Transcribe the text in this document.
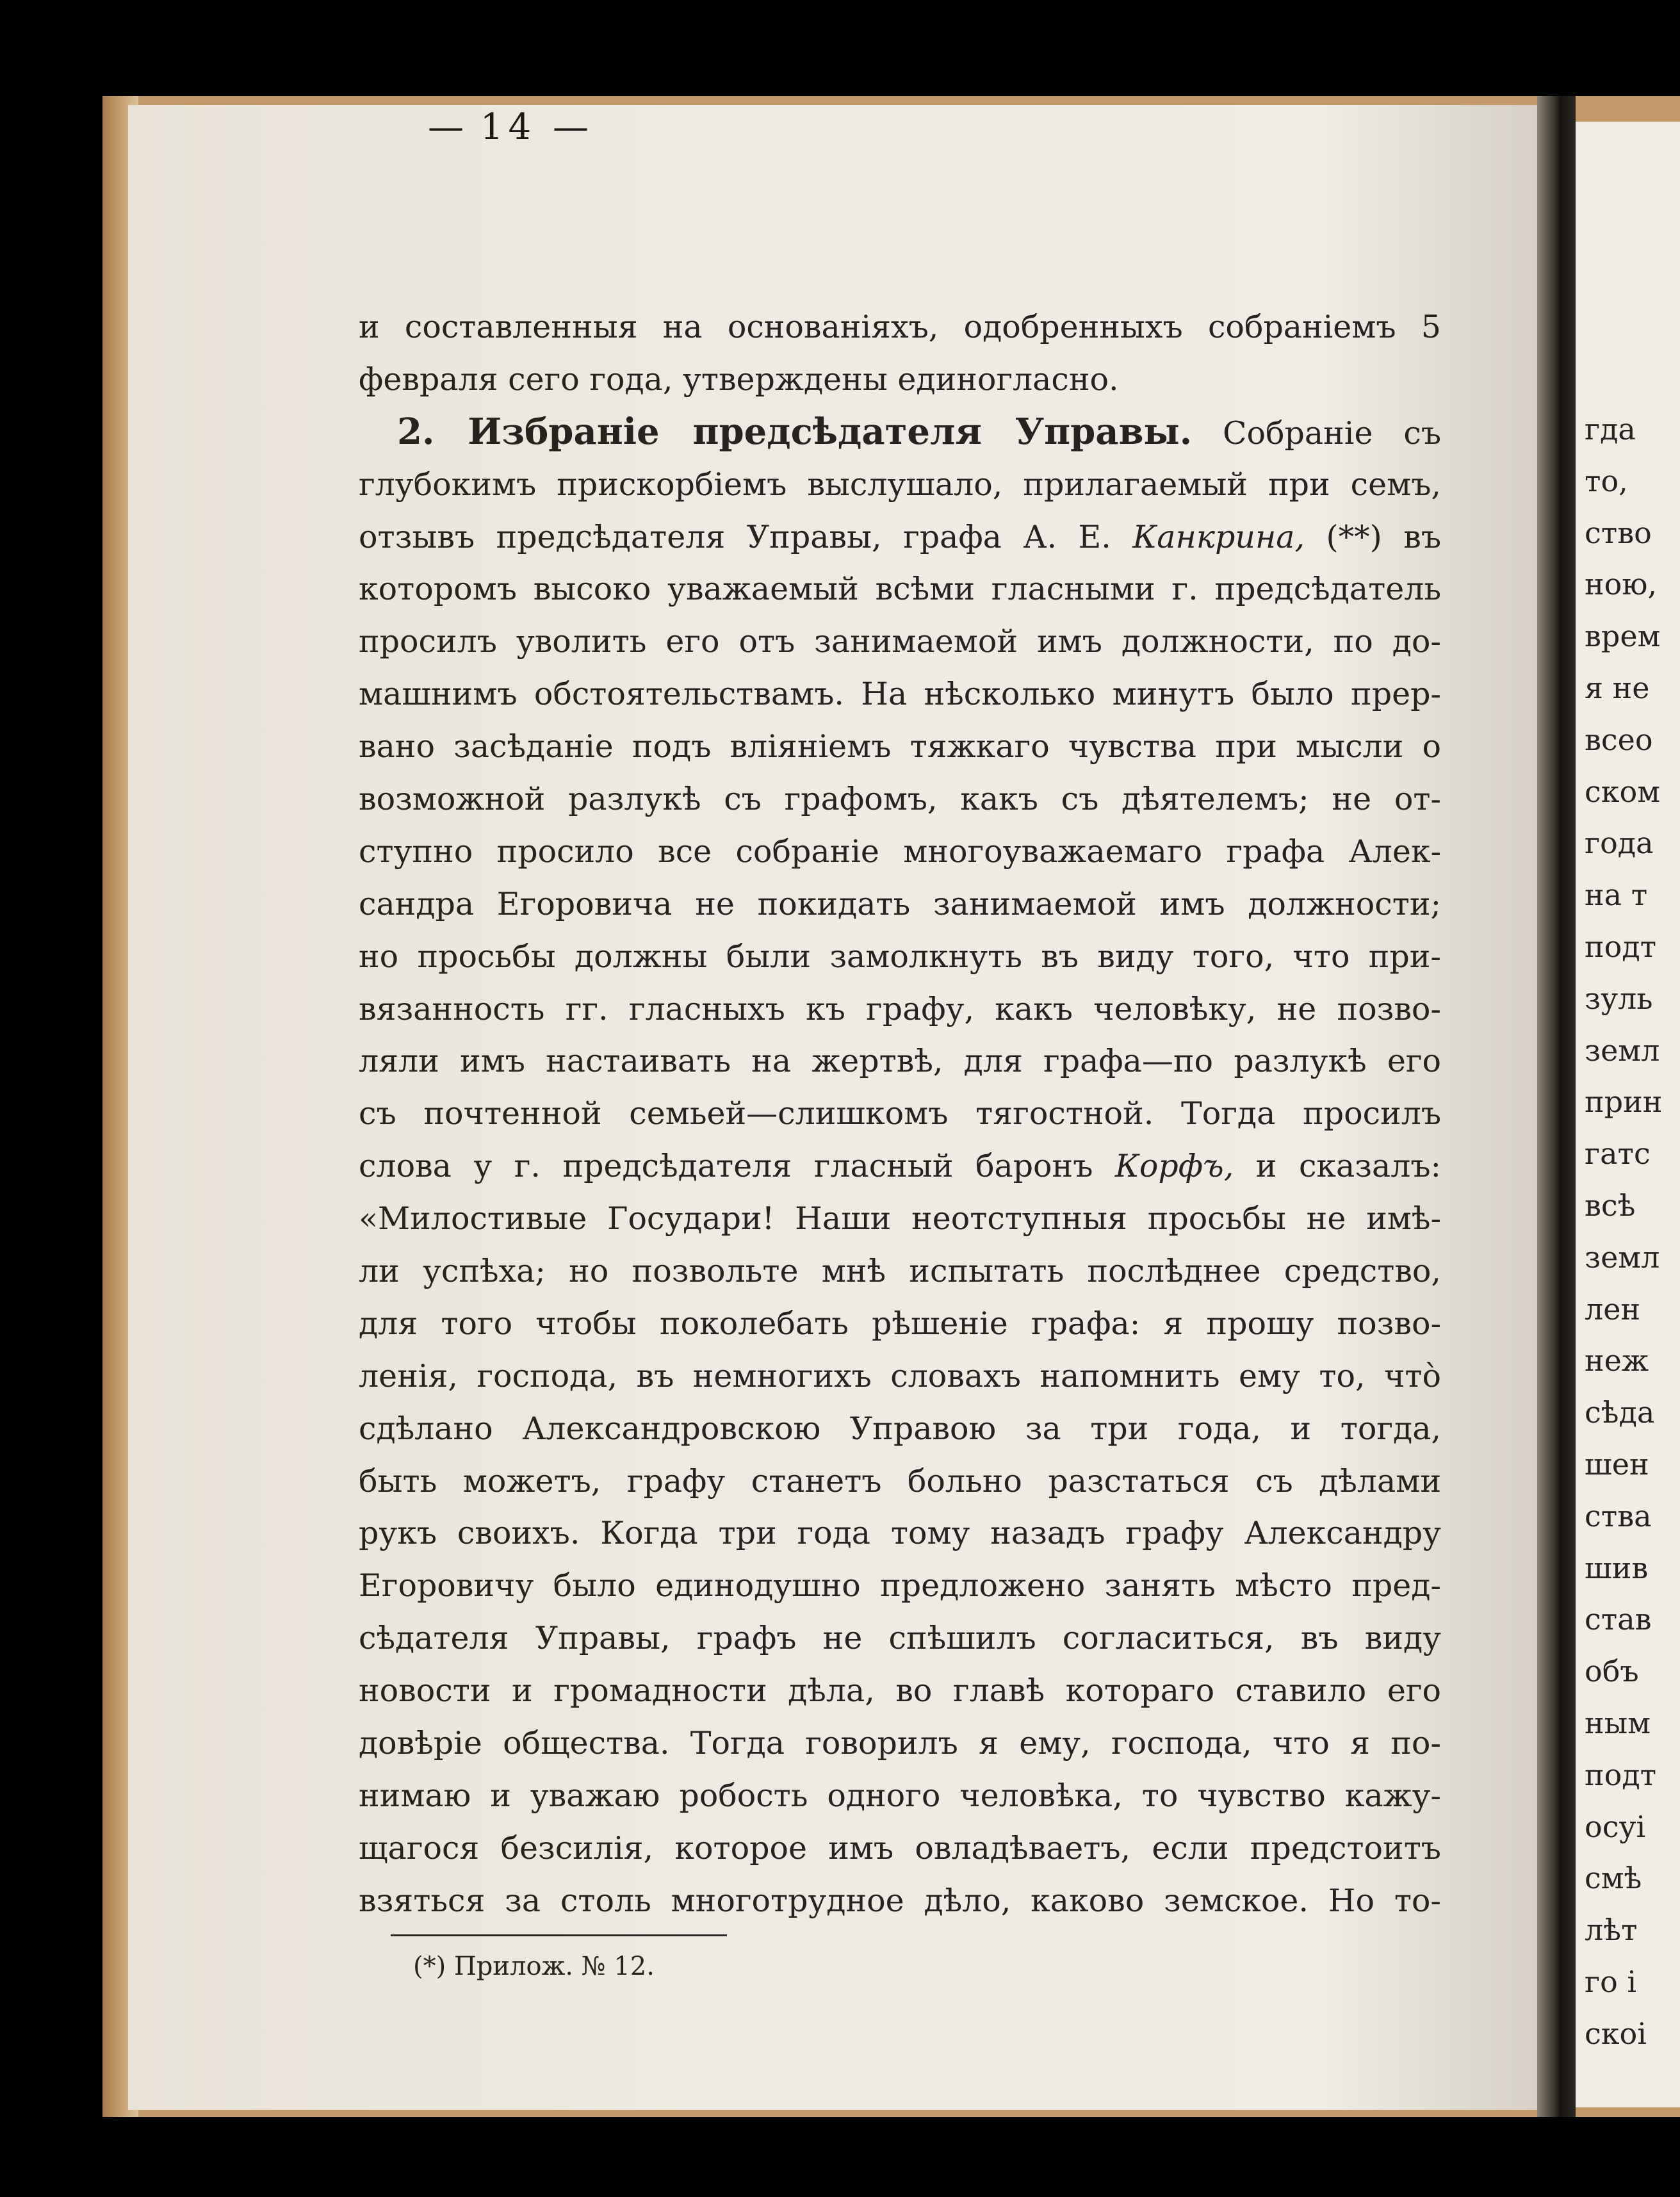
гда
то,
ство
ною,
врем
я не
всео
ском
года
на т
подт
зуль
земл
прин
гатс
всѣ
земл
лен
неж
сѣда
шен
ства
шив
став
объ
ным
подт
осуі
смѣ
лѣт
го і
скоі
— 14 —
и составленныя на основаніяхъ, одобренныхъ собраніемъ 5
февраля сего года, утверждены единогласно.
2. Избраніе предсѣдателя Управы. Собраніе съ
глубокимъ прискорбіемъ выслушало, прилагаемый при семъ,
отзывъ предсѣдателя Управы, графа А. Е. Канкрина, (**) въ
которомъ высоко уважаемый всѣми гласными г. предсѣдатель
просилъ уволить его отъ занимаемой имъ должности, по до-
машнимъ обстоятельствамъ. На нѣсколько минутъ было прер-
вано засѣданіе подъ вліяніемъ тяжкаго чувства при мысли о
возможной разлукѣ съ графомъ, какъ съ дѣятелемъ; не от-
ступно просило все собраніе многоуважаемаго графа Алек-
сандра Егоровича не покидать занимаемой имъ должности;
но просьбы должны были замолкнуть въ виду того, что при-
вязанность гг. гласныхъ къ графу, какъ человѣку, не позво-
ляли имъ настаивать на жертвѣ, для графа—по разлукѣ его
съ почтенной семьей—слишкомъ тягостной. Тогда просилъ
слова у г. предсѣдателя гласный баронъ Корфъ, и сказалъ:
«Милостивые Государи! Наши неотступныя просьбы не имѣ-
ли успѣха; но позвольте мнѣ испытать послѣднее средство,
для того чтобы поколебать рѣшеніе графа: я прошу позво-
ленія, господа, въ немногихъ словахъ напомнить ему то, что̀
сдѣлано Александровскою Управою за три года, и тогда,
быть можетъ, графу станетъ больно разстаться съ дѣлами
рукъ своихъ. Когда три года тому назадъ графу Александру
Егоровичу было единодушно предложено занять мѣсто пред-
сѣдателя Управы, графъ не спѣшилъ согласиться, въ виду
новости и громадности дѣла, во главѣ котораго ставило его
довѣріе общества. Тогда говорилъ я ему, господа, что я по-
нимаю и уважаю робость одного человѣка, то чувство кажу-
щагося безсилія, которое имъ овладѣваетъ, если предстоитъ
взяться за столь многотрудное дѣло, каково земское. Но то-
(*) Прилож. № 12.
